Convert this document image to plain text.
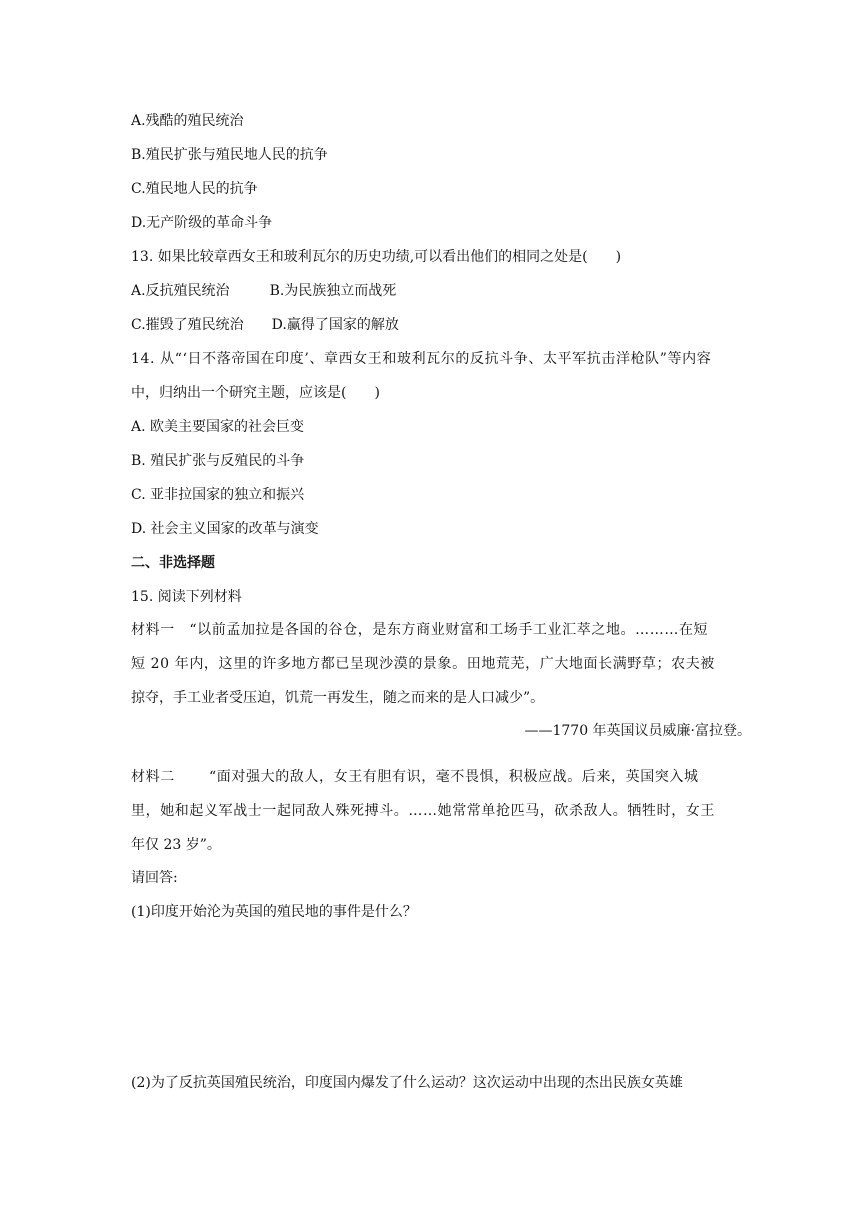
A.残酷的殖民统治
B.殖民扩张与殖民地人民的抗争
C.殖民地人民的抗争
D.无产阶级的革命斗争
13. 如果比较章西女王和玻利瓦尔的历史功绩,可以看出他们的相同之处是(　　)
A.反抗殖民统治	B.为民族独立而战死
C.摧毁了殖民统治 D.赢得了国家的解放
14. 从“‘日不落帝国在印度’、章西女王和玻利瓦尔的反抗斗争、太平军抗击洋枪队”等内容
中，归纳出一个研究主题，应该是(　　)
A. 欧美主要国家的社会巨变
B. 殖民扩张与反殖民的斗争
C. 亚非拉国家的独立和振兴
D. 社会主义国家的改革与演变
二、非选择题
15. 阅读下列材料
材料一　“以前孟加拉是各国的谷仓，是东方商业财富和工场手工业汇萃之地。………在短
短 20 年内，这里的许多地方都已呈现沙漠的景象。田地荒芜，广大地面长满野草；农夫被
掠夺，手工业者受压迫，饥荒一再发生，随之而来的是人口减少”。
——1770 年英国议员威廉·富拉登。
材料二　　 “面对强大的敌人，女王有胆有识，毫不畏惧，积极应战。后来，英国突入城
里，她和起义军战士一起同敌人殊死搏斗。……她常常单抢匹马，砍杀敌人。牺牲时，女王
年仅 23 岁”。
请回答:
(1)印度开始沦为英国的殖民地的事件是什么？
(2)为了反抗英国殖民统治，印度国内爆发了什么运动？这次运动中出现的杰出民族女英雄
